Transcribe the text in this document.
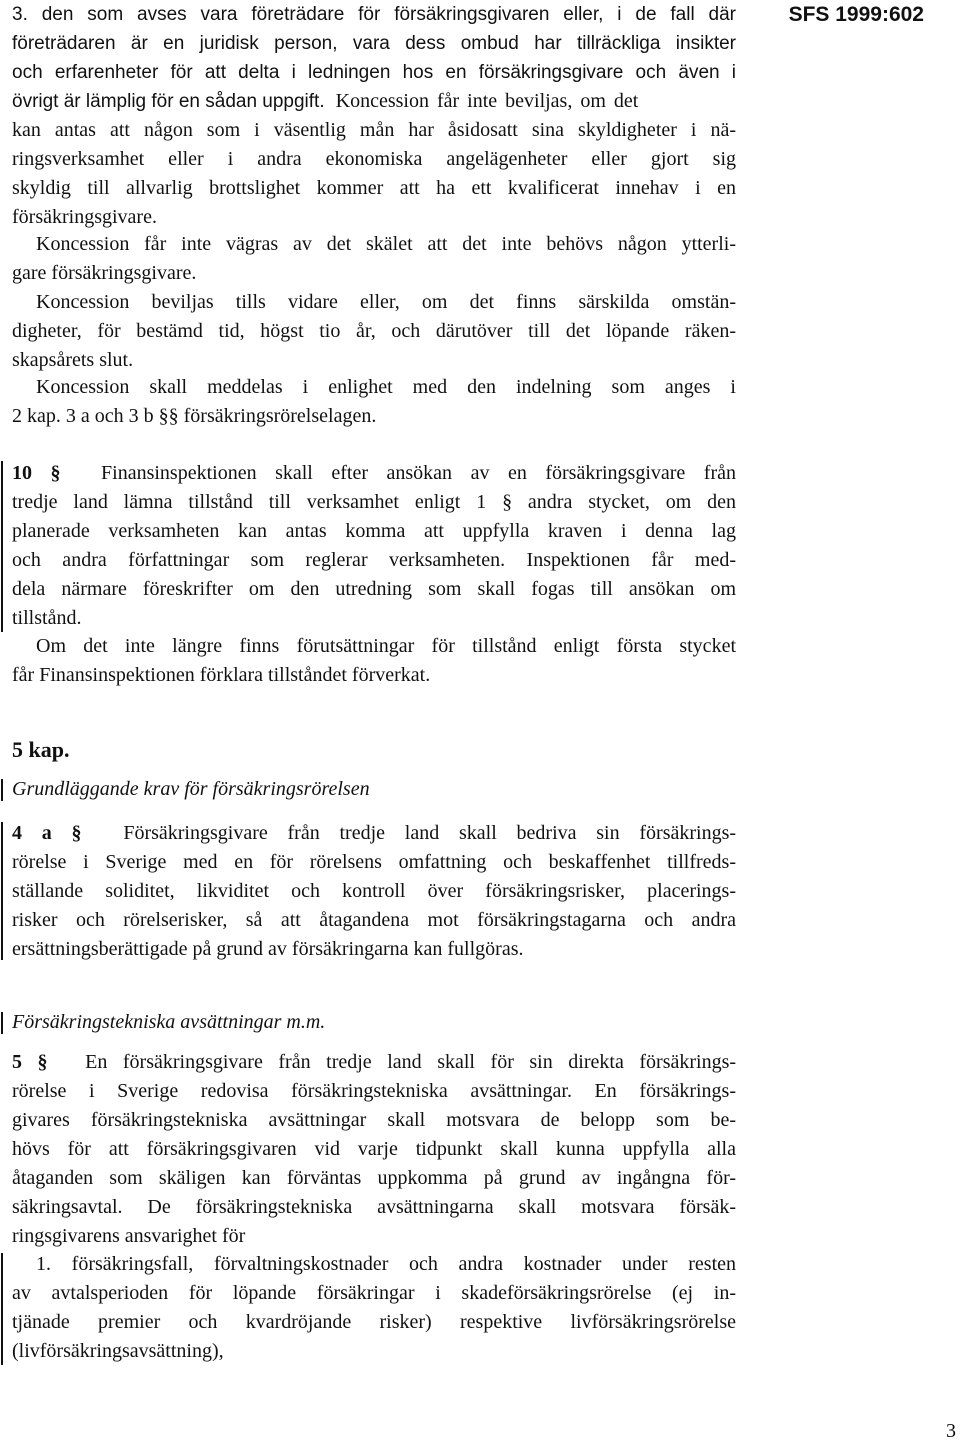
SFS 1999:602
3. den som avses vara företrädare för försäkringsgivaren eller, i de fall där
företrädaren är en juridisk person, vara dess ombud har tillräckliga insikter
och erfarenheter för att delta i ledningen hos en försäkringsgivare och även i
övrigt är lämplig för en sådan uppgift. Koncession får inte beviljas, om det
kan antas att någon som i väsentlig mån har åsidosatt sina skyldigheter i nä-
ringsverksamhet eller i andra ekonomiska angelägenheter eller gjort sig
skyldig till allvarlig brottslighet kommer att ha ett kvalificerat innehav i en
försäkringsgivare.
Koncession får inte vägras av det skälet att det inte behövs någon ytterli-
gare försäkringsgivare.
Koncession beviljas tills vidare eller, om det finns särskilda omstän-
digheter, för bestämd tid, högst tio år, och därutöver till det löpande räken-
skapsårets slut.
Koncession skall meddelas i enlighet med den indelning som anges i
2 kap. 3 a och 3 b §§ försäkringsrörelselagen.
10 § Finansinspektionen skall efter ansökan av en försäkringsgivare från
tredje land lämna tillstånd till verksamhet enligt 1 § andra stycket, om den
planerade verksamheten kan antas komma att uppfylla kraven i denna lag
och andra författningar som reglerar verksamheten. Inspektionen får med-
dela närmare föreskrifter om den utredning som skall fogas till ansökan om
tillstånd.
Om det inte längre finns förutsättningar för tillstånd enligt första stycket
får Finansinspektionen förklara tillståndet förverkat.
5 kap.
Grundläggande krav för försäkringsrörelsen
4 a § Försäkringsgivare från tredje land skall bedriva sin försäkrings-
rörelse i Sverige med en för rörelsens omfattning och beskaffenhet tillfreds-
ställande soliditet, likviditet och kontroll över försäkringsrisker, placerings-
risker och rörelserisker, så att åtagandena mot försäkringstagarna och andra
ersättningsberättigade på grund av försäkringarna kan fullgöras.
Försäkringstekniska avsättningar m.m.
5 § En försäkringsgivare från tredje land skall för sin direkta försäkrings-
rörelse i Sverige redovisa försäkringstekniska avsättningar. En försäkrings-
givares försäkringstekniska avsättningar skall motsvara de belopp som be-
hövs för att försäkringsgivaren vid varje tidpunkt skall kunna uppfylla alla
åtaganden som skäligen kan förväntas uppkomma på grund av ingångna för-
säkringsavtal. De försäkringstekniska avsättningarna skall motsvara försäk-
ringsgivarens ansvarighet för
1. försäkringsfall, förvaltningskostnader och andra kostnader under resten
av avtalsperioden för löpande försäkringar i skadeförsäkringsrörelse (ej in-
tjänade premier och kvardröjande risker) respektive livförsäkringsrörelse
(livförsäkringsavsättning),
3
